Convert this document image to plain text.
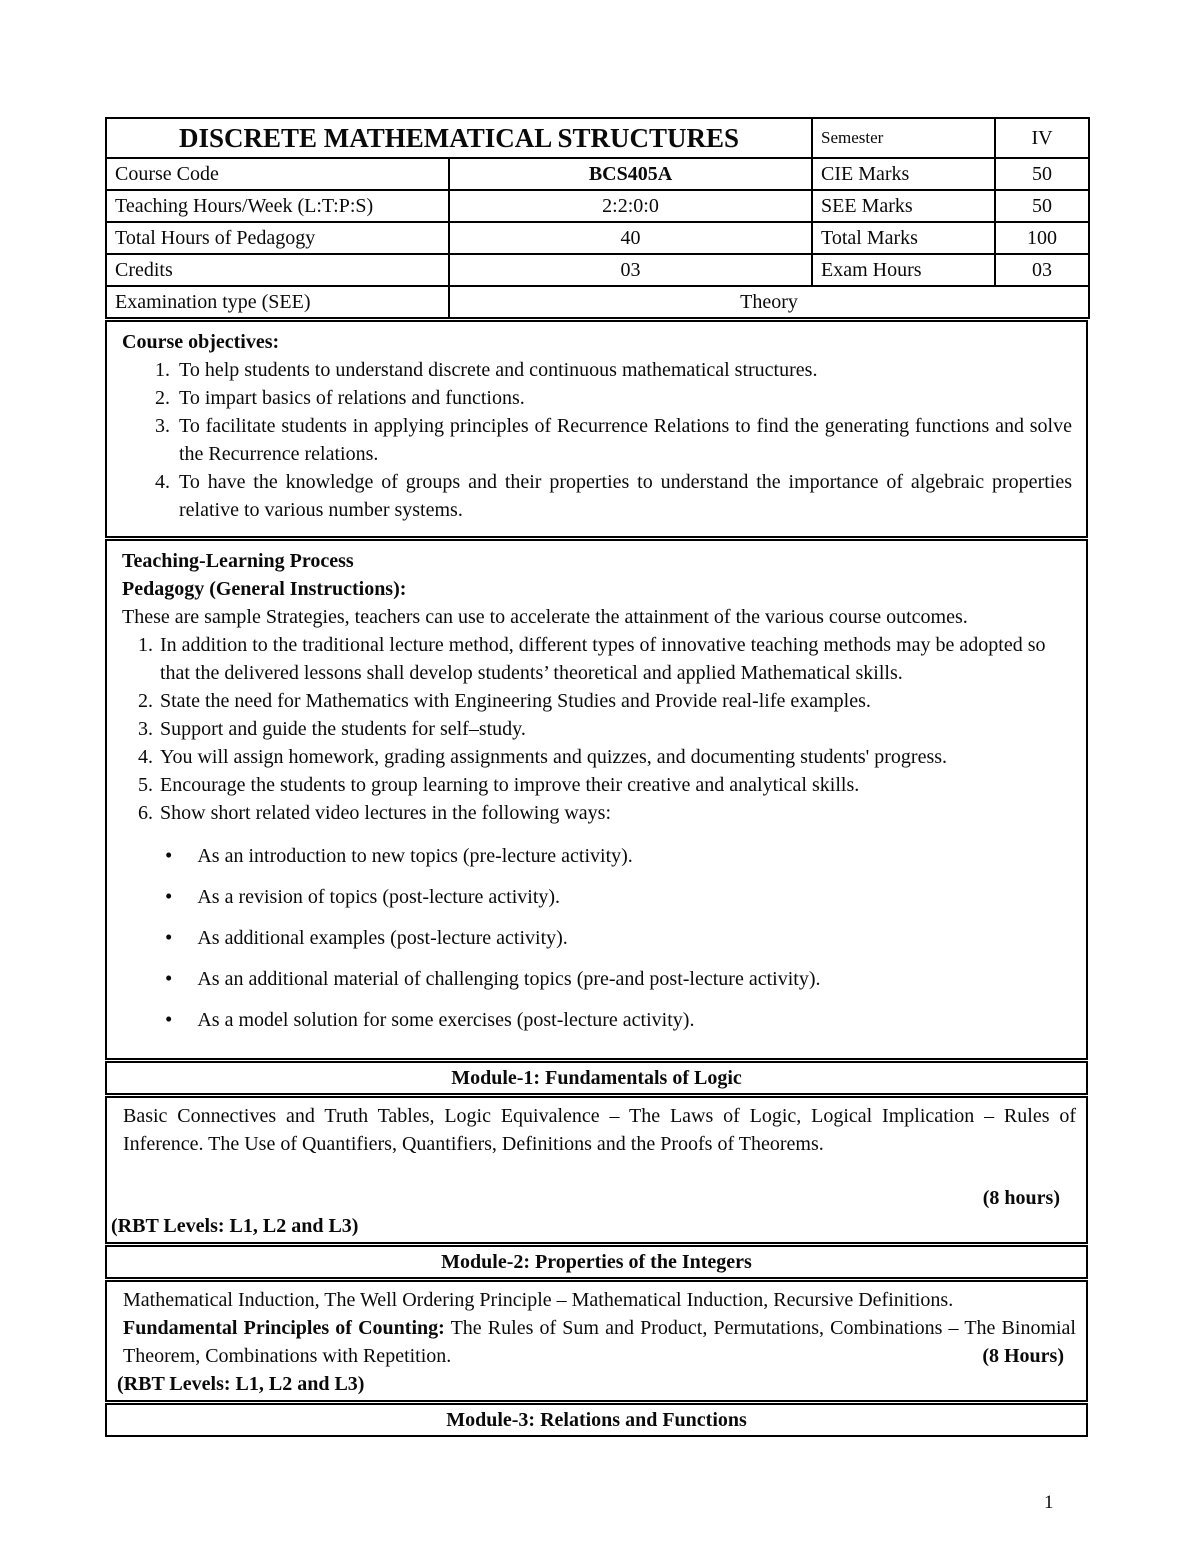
DISCRETE MATHEMATICAL STRUCTURES		Semester	IV
Course Code	BCS405A	CIE Marks	50
Teaching Hours/Week (L:T:P:S)	2:2:0:0	SEE Marks	50
Total Hours of Pedagogy	40	Total Marks	100
Credits	03	Exam Hours	03
Examination type (SEE)	Theory		
Course objectives:
1. To help students to understand discrete and continuous mathematical structures.
2. To impart basics of relations and functions.
3. To facilitate students in applying principles of Recurrence Relations to find the generating functions and solve the Recurrence relations.
4. To have the knowledge of groups and their properties to understand the importance of algebraic properties relative to various number systems.
Teaching-Learning Process
Pedagogy (General Instructions):
These are sample Strategies, teachers can use to accelerate the attainment of the various course outcomes.
1. In addition to the traditional lecture method, different types of innovative teaching methods may be adopted so that the delivered lessons shall develop students’ theoretical and applied Mathematical skills.
2. State the need for Mathematics with Engineering Studies and Provide real-life examples.
3. Support and guide the students for self–study.
4. You will assign homework, grading assignments and quizzes, and documenting students' progress.
5. Encourage the students to group learning to improve their creative and analytical skills.
6. Show short related video lectures in the following ways:
• As an introduction to new topics (pre-lecture activity).
• As a revision of topics (post-lecture activity).
• As additional examples (post-lecture activity).
• As an additional material of challenging topics (pre-and post-lecture activity).
• As a model solution for some exercises (post-lecture activity).
Module-1: Fundamentals of Logic

Basic Connectives and Truth Tables, Logic Equivalence – The Laws of Logic, Logical Implication – Rules of Inference. The Use of Quantifiers, Quantifiers, Definitions and the Proofs of Theorems.

(8 hours)
(RBT Levels: L1, L2 and L3)
Module-2: Properties of the Integers

Mathematical Induction, The Well Ordering Principle – Mathematical Induction, Recursive Definitions.

Fundamental Principles of Counting: The Rules of Sum and Product, Permutations, Combinations – The Binomial Theorem, Combinations with Repetition.	(8 Hours)

(RBT Levels: L1, L2 and L3)
Module-3: Relations and Functions
1
